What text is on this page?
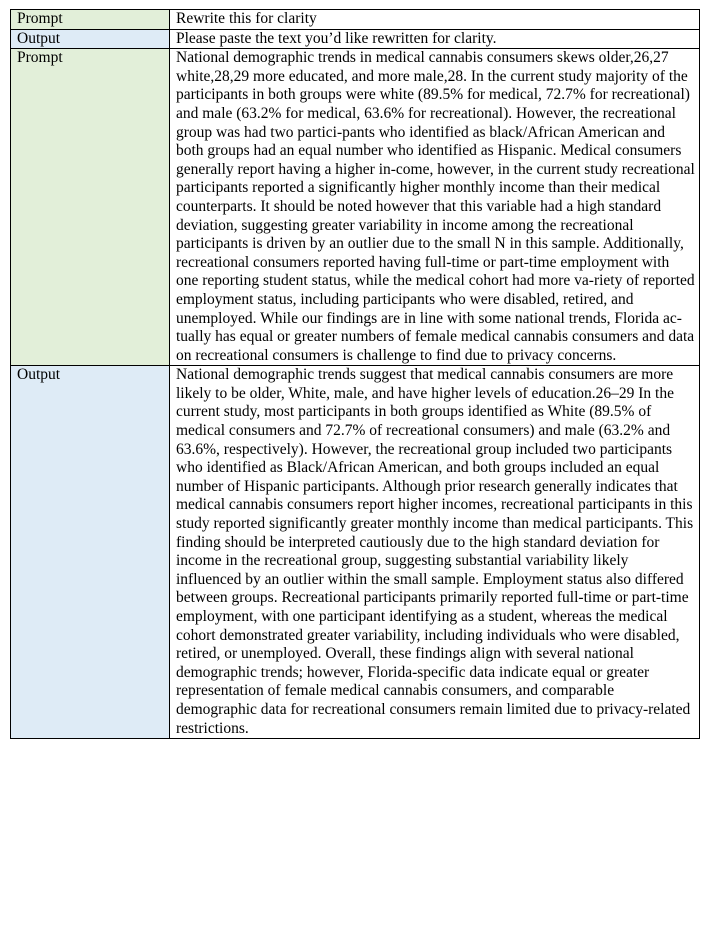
Prompt	Rewrite this for clarity
Output	Please paste the text you’d like rewritten for clarity.
Prompt	National demographic trends in medical cannabis consumers skews older,26,27 white,28,29 more educated, and more male,28. In the current study majority of the participants in both groups were white (89.5% for medical, 72.7% for recreational) and male (63.2% for medical, 63.6% for recreational). However, the recreational group was had two partici-pants who identified as black/African American and both groups had an equal number who identified as Hispanic. Medical consumers generally report having a higher in-come, however, in the current study recreational participants reported a significantly higher monthly income than their medical counterparts. It should be noted however that this variable had a high standard deviation, suggesting greater variability in income among the recreational participants is driven by an outlier due to the small N in this sample. Additionally, recreational consumers reported having full-time or part-time employment with one reporting student status, while the medical cohort had more va-riety of reported employment status, including participants who were disabled, retired, and unemployed. While our findings are in line with some national trends, Florida ac-tually has equal or greater numbers of female medical cannabis consumers and data on recreational consumers is challenge to find due to privacy concerns.
Output	National demographic trends suggest that medical cannabis consumers are more likely to be older, White, male, and have higher levels of education.26–29 In the current study, most participants in both groups identified as White (89.5% of medical consumers and 72.7% of recreational consumers) and male (63.2% and 63.6%, respectively). However, the recreational group included two participants who identified as Black/African American, and both groups included an equal number of Hispanic participants. Although prior research generally indicates that medical cannabis consumers report higher incomes, recreational participants in this study reported significantly greater monthly income than medical participants. This finding should be interpreted cautiously due to the high standard deviation for income in the recreational group, suggesting substantial variability likely influenced by an outlier within the small sample. Employment status also differed between groups. Recreational participants primarily reported full-time or part-time employment, with one participant identifying as a student, whereas the medical cohort demonstrated greater variability, including individuals who were disabled, retired, or unemployed. Overall, these findings align with several national demographic trends; however, Florida-specific data indicate equal or greater representation of female medical cannabis consumers, and comparable demographic data for recreational consumers remain limited due to privacy-related restrictions.
